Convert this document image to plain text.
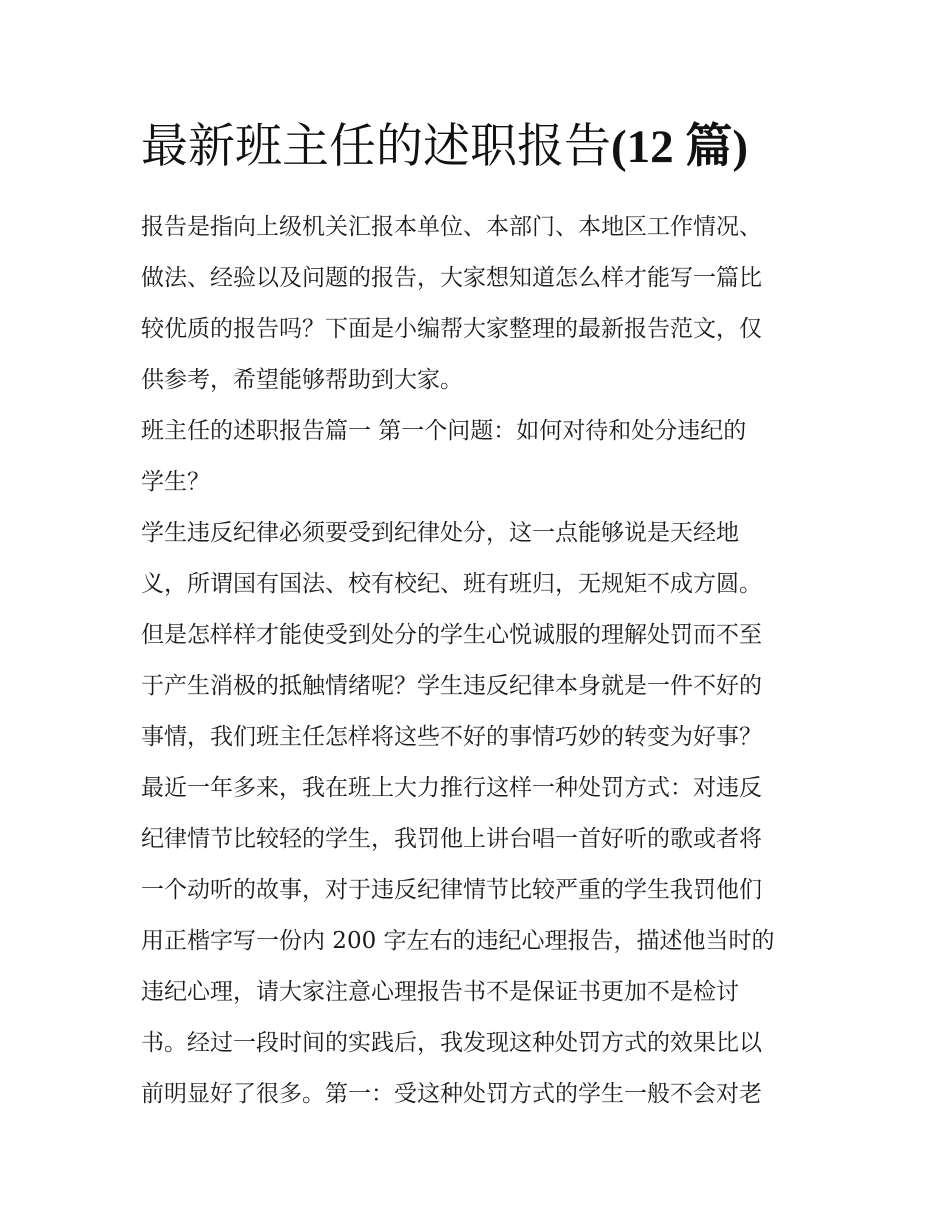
最新班主任的述职报告(12 篇)
报告是指向上级机关汇报本单位、本部门、本地区工作情况、
做法、经验以及问题的报告，大家想知道怎么样才能写一篇比
较优质的报告吗？下面是小编帮大家整理的最新报告范文，仅
供参考，希望能够帮助到大家。
班主任的述职报告篇一 第一个问题：如何对待和处分违纪的
学生？
学生违反纪律必须要受到纪律处分，这一点能够说是天经地
义，所谓国有国法、校有校纪、班有班归，无规矩不成方圆。
但是怎样样才能使受到处分的学生心悦诚服的理解处罚而不至
于产生消极的抵触情绪呢？学生违反纪律本身就是一件不好的
事情，我们班主任怎样将这些不好的事情巧妙的转变为好事？
最近一年多来，我在班上大力推行这样一种处罚方式：对违反
纪律情节比较轻的学生，我罚他上讲台唱一首好听的歌或者将
一个动听的故事，对于违反纪律情节比较严重的学生我罚他们
用正楷字写一份内 200 字左右的违纪心理报告，描述他当时的
违纪心理，请大家注意心理报告书不是保证书更加不是检讨
书。经过一段时间的实践后，我发现这种处罚方式的效果比以
前明显好了很多。第一：受这种处罚方式的学生一般不会对老
